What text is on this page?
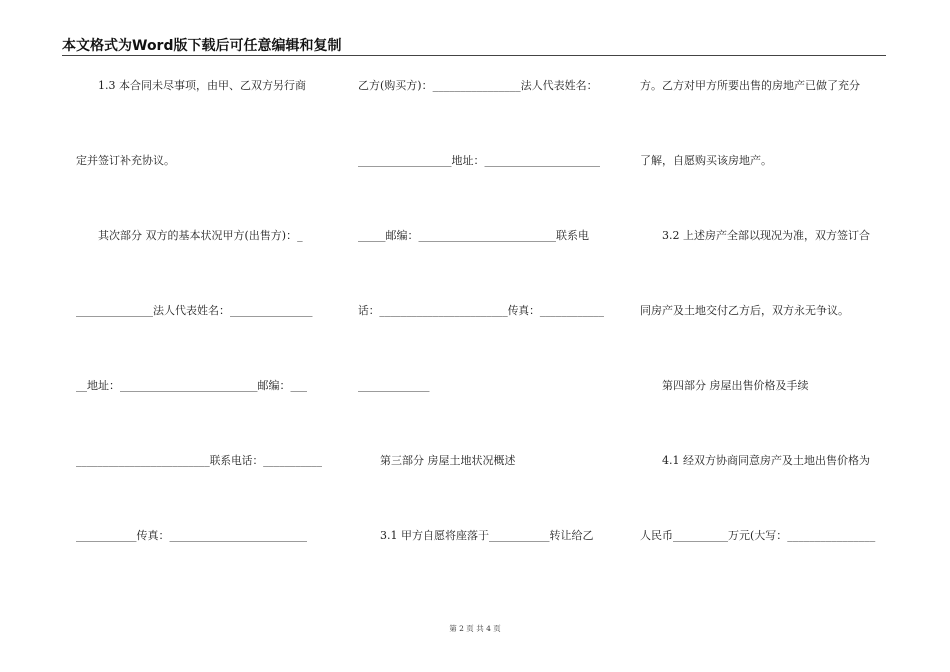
本文格式为Word版下载后可任意编辑和复制
　　1.3 本合同未尽事项，由甲、乙双方另行商
定并签订补充协议。
　　其次部分 双方的基本状况甲方(出售方)：_
______________法人代表姓名：_______________
__地址：_________________________邮编：___
_________________________联系电话：___________
___________传真：_________________________
乙方(购买方)：________________法人代表姓名：
_________________地址：_____________________
_____邮编：_________________________联系电
话：________________________传真：____________
_____________
　　第三部分 房屋土地状况概述
　　3.1 甲方自愿将座落于___________转让给乙
方。乙方对甲方所要出售的房地产已做了充分
了解，自愿购买该房地产。
　　3.2 上述房产全部以现况为准，双方签订合
同房产及土地交付乙方后，双方永无争议。
　　第四部分 房屋出售价格及手续
　　4.1 经双方协商同意房产及土地出售价格为
人民币__________万元(大写：________________
第 2 页 共 4 页
